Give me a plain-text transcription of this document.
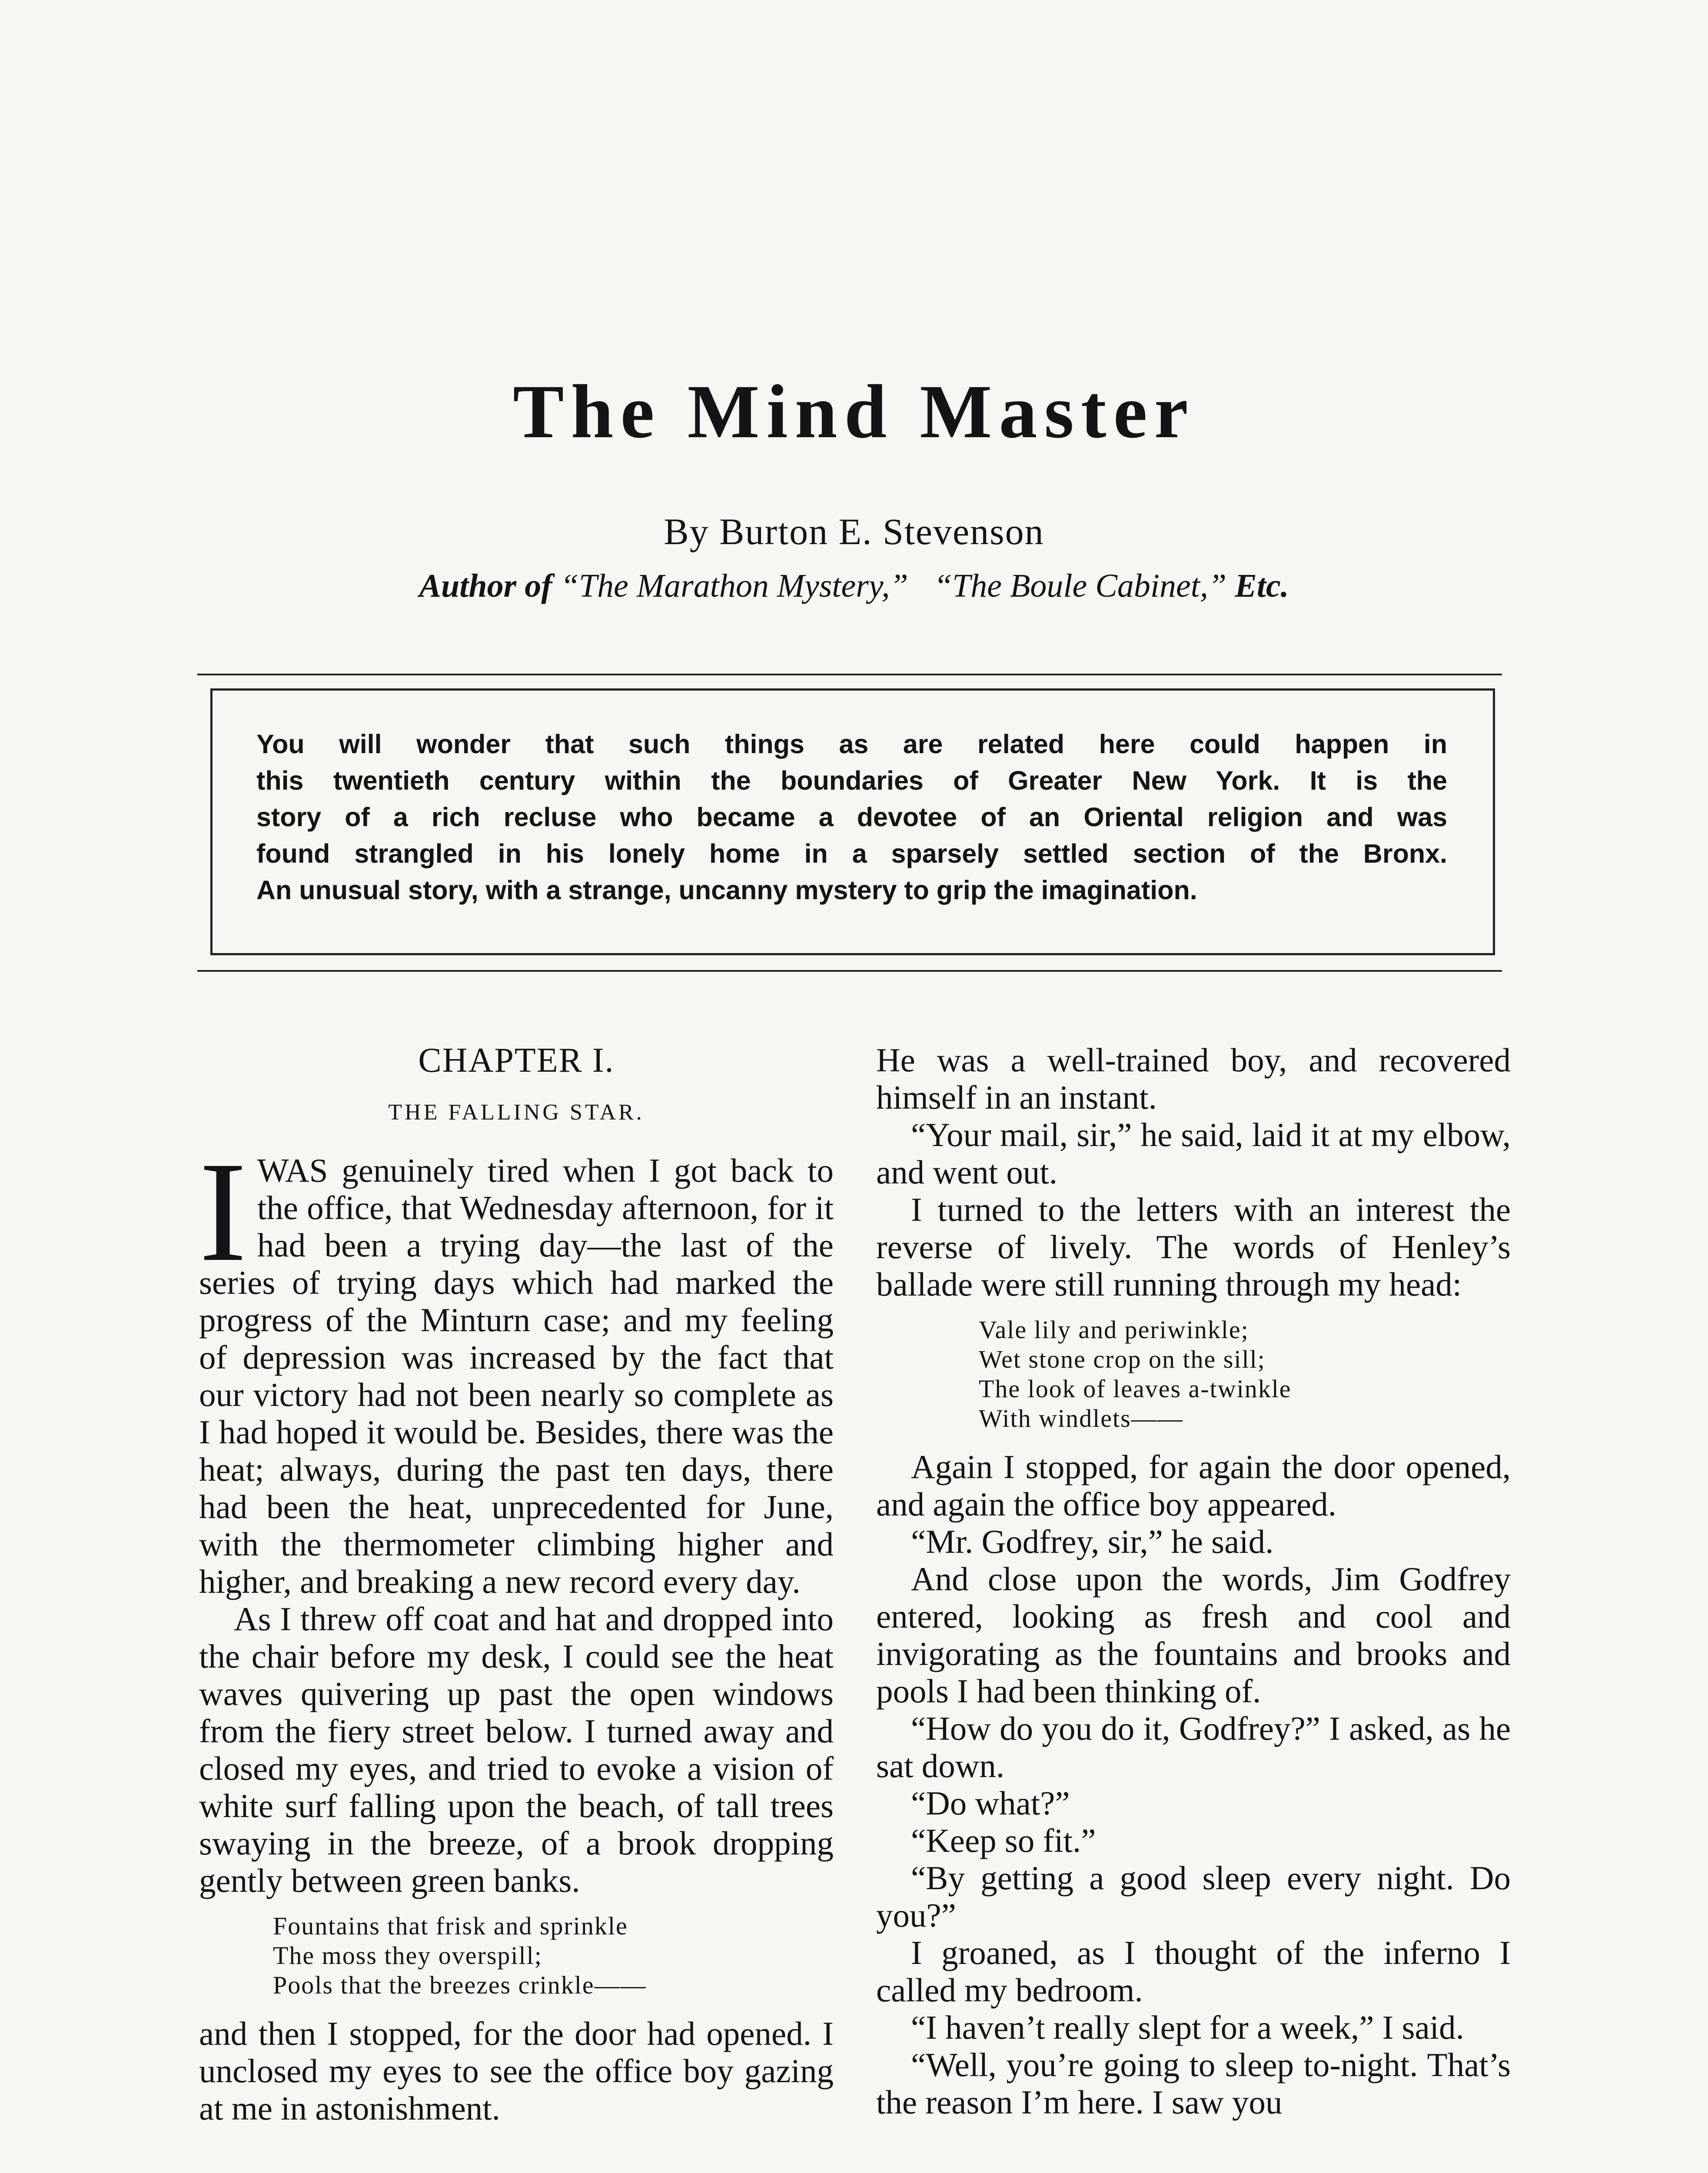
The Mind Master
By Burton E. Stevenson
Author of “The Marathon Mystery,” “The Boule Cabinet,” Etc.
You will wonder that such things as are related here could happen in
this twentieth century within the boundaries of Greater New York. It is the
story of a rich recluse who became a devotee of an Oriental religion and was
found strangled in his lonely home in a sparsely settled section of the Bronx.
An unusual story, with a strange, uncanny mystery to grip the imagination.
CHAPTER I.
THE FALLING STAR.

IWAS genuinely tired when I got back to the office, that Wednesday afternoon, for it had been a trying day—the last of the series of trying days which had marked the progress of the Minturn case; and my feeling of depression was increased by the fact that our victory had not been nearly so complete as I had hoped it would be. Besides, there was the heat; always, during the past ten days, there had been the heat, unprecedented for June, with the thermometer climbing higher and higher, and breaking a new record every day.

As I threw off coat and hat and dropped into the chair before my desk, I could see the heat waves quivering up past the open windows from the fiery street below. I turned away and closed my eyes, and tried to evoke a vision of white surf falling upon the beach, of tall trees swaying in the breeze, of a brook dropping gently between green banks.

Fountains that frisk and sprinkle
The moss they overspill;
Pools that the breezes crinkle——

and then I stopped, for the door had opened. I unclosed my eyes to see the office boy gazing at me in astonishment.

He was a well-trained boy, and recovered himself in an instant.

“Your mail, sir,” he said, laid it at my elbow, and went out.

I turned to the letters with an interest the reverse of lively. The words of Henley’s ballade were still running through my head:

Vale lily and periwinkle;
Wet stone crop on the sill;
The look of leaves a-twinkle
With windlets——

Again I stopped, for again the door opened, and again the office boy appeared.

“Mr. Godfrey, sir,” he said.

And close upon the words, Jim Godfrey entered, looking as fresh and cool and invigorating as the fountains and brooks and pools I had been thinking of.

“How do you do it, Godfrey?” I asked, as he sat down.

“Do what?”

“Keep so fit.”

“By getting a good sleep every night. Do you?”

I groaned, as I thought of the inferno I called my bedroom.

“I haven’t really slept for a week,” I said.

“Well, you’re going to sleep to-night. That’s the reason I’m here. I saw you
